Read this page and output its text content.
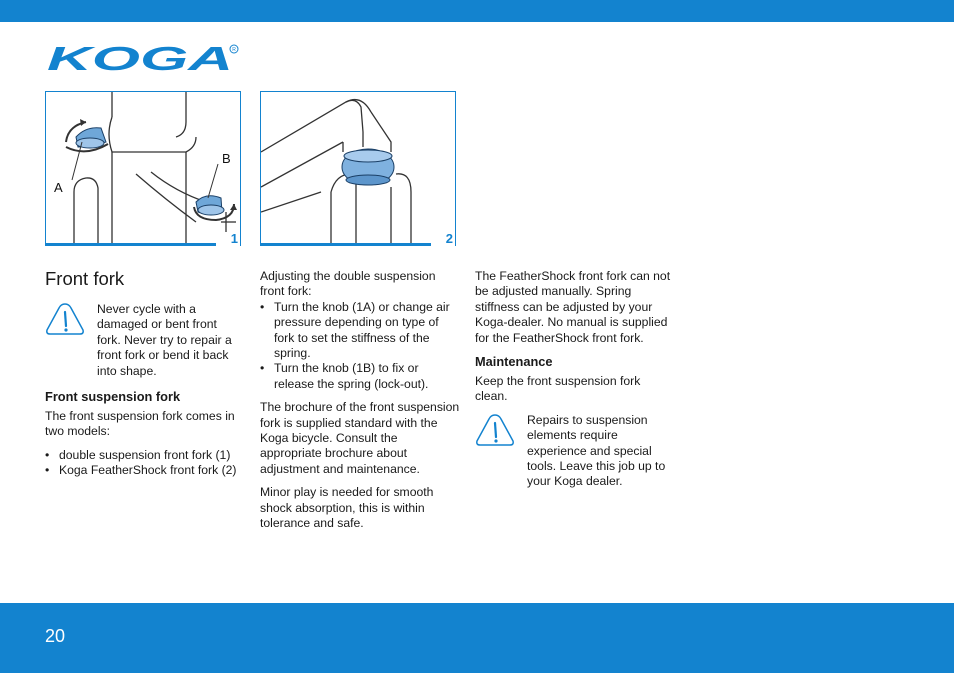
KOGA R
A
B
1	2
Front fork
Never cycle with a damaged or bent front fork. Never try to repair a front fork or bend it back into shape.
Front suspension fork

The front suspension fork comes in two models:

• double suspension front fork (1)
• Koga FeatherShock front fork (2)

Adjusting the double suspension front fork:

• Turn the knob (1A) or change air pressure depending on type of fork to set the stiffness of the spring.
• Turn the knob (1B) to fix or release the spring (lock-out).

The brochure of the front suspension fork is supplied standard with the Koga bicycle. Consult the appropriate brochure about adjustment and maintenance.

Minor play is needed for smooth shock absorption, this is within tolerance and safe.

The FeatherShock front fork can not be adjusted manually. Spring stiffness can be adjusted by your Koga-dealer. No manual is supplied for the FeatherShock front fork.

Maintenance

Keep the front suspension fork clean.

Repairs to suspension elements require experience and special tools. Leave this job up to your Koga dealer.
20
